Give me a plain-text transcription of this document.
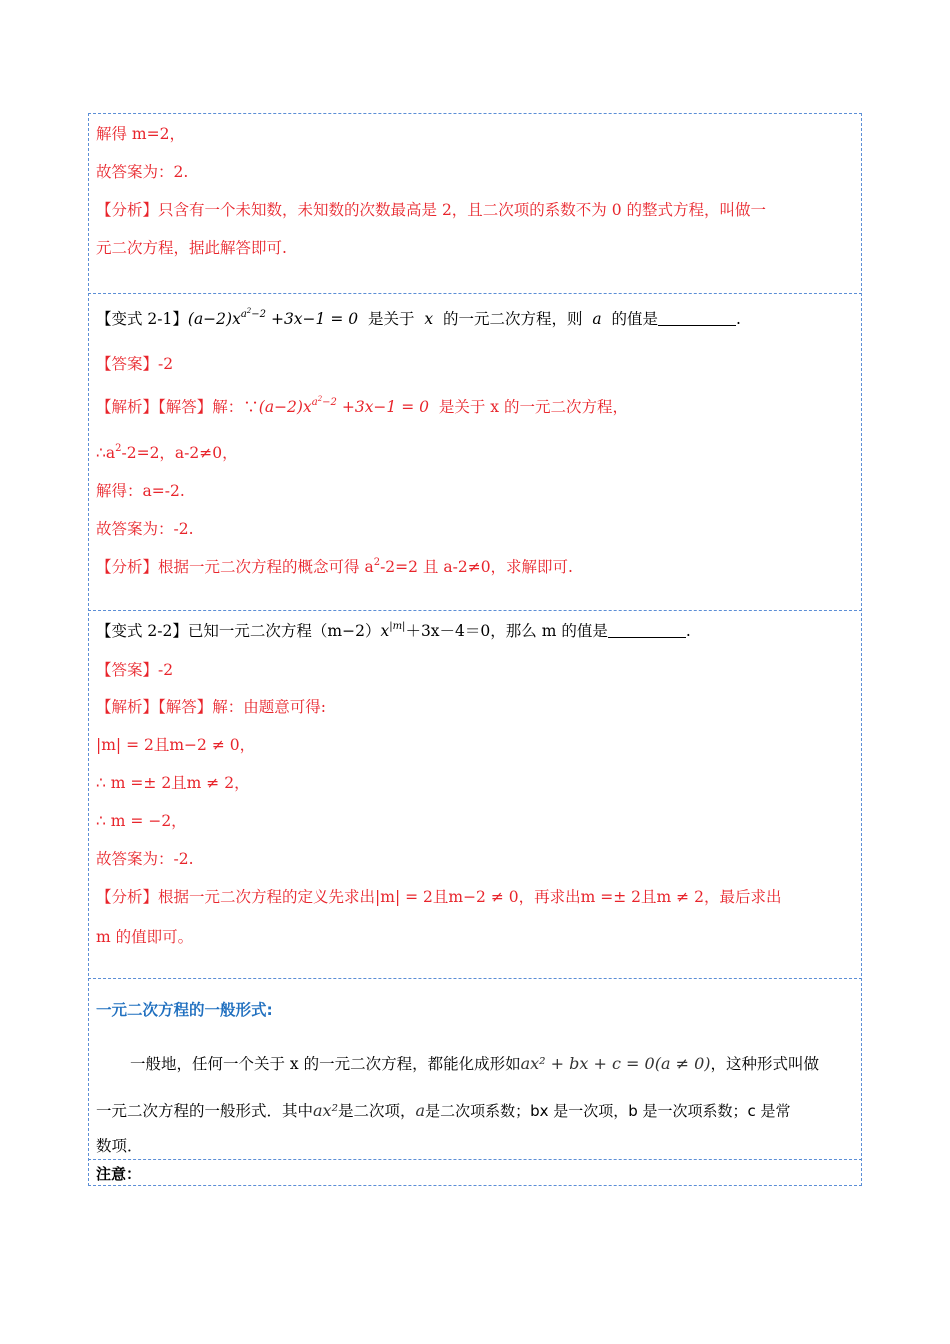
解得 m=2，
故答案为：2.
【分析】只含有一个未知数，未知数的次数最高是 2，且二次项的系数不为 0 的整式方程，叫做一
元二次方程，据此解答即可.
【变式 2-1】$(a-2)x^{a^2-2} +3x-1 = 0$ 是关于 x 的一元二次方程，则 a 的值是	.
【答案】-2
【解析】【解答】解：$\because(a-2)x^{a^2-2} +3x-1 = 0$ 是关于 x 的一元二次方程，
$\therefore a^2-2=2$，a-2≠0，
解得：a=-2.
故答案为：-2.
【分析】根据一元二次方程的概念可得 $a^2-2=2$ 且 a-2≠0，求解即可.
【变式 2-2】已知一元二次方程$(m-2)x^{|m|}+3x-4=0$，那么 m 的值是	.
【答案】-2
【解析】【解答】解：由题意可得:
|m| = 2且m−2 ≠ 0，
∴ m =± 2且m ≠ 2，
∴ m = −2，
故答案为：-2.
【分析】根据一元二次方程的定义先求出|m| = 2且m−2 ≠ 0，再求出m =± 2且m ≠ 2，最后求出
m 的值即可。
一元二次方程的一般形式:
一般地，任何一个关于 x 的一元二次方程，都能化成形如ax² + bx + c = 0(a ≠ 0)，这种形式叫做
一元二次方程的一般形式．其中ax²是二次项，a是二次项系数；bx 是一次项，b 是一次项系数；c 是常
数项．
注意：
